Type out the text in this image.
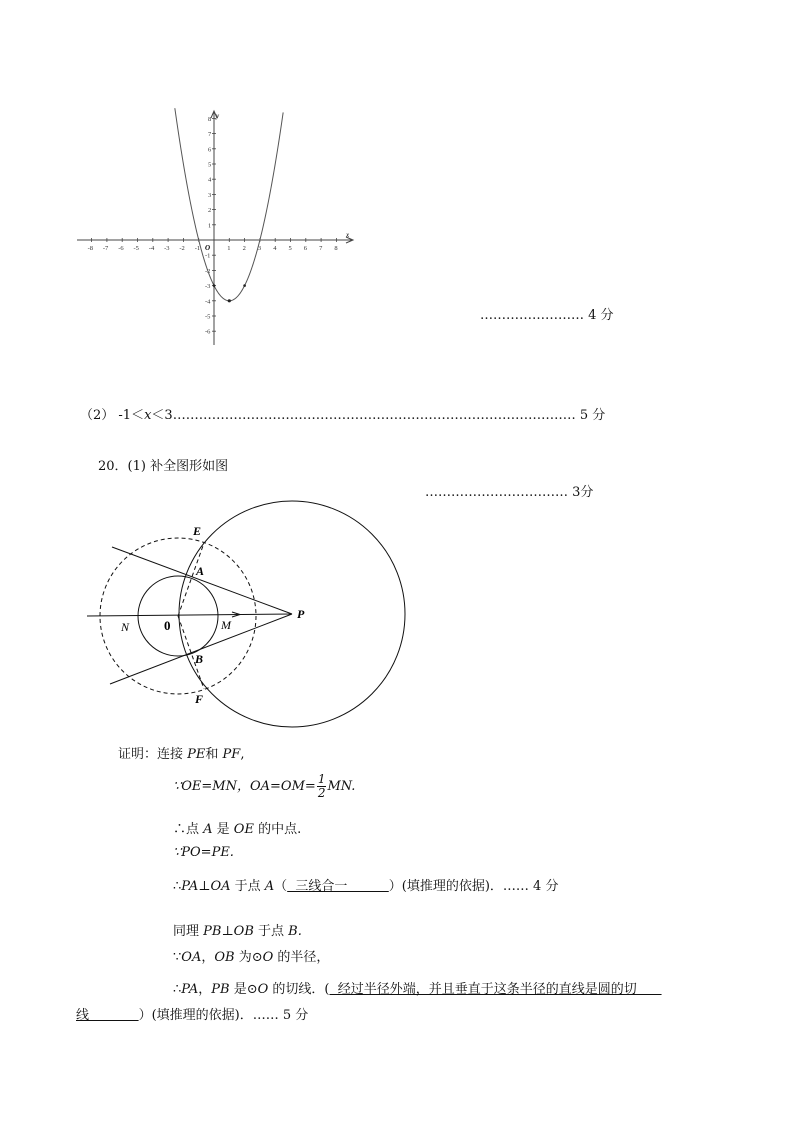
-8 -7 -6 -5 -4 -3 -2 -1	1 2 3 4 5 6 7 8
8
7
6
5
4
3
2
1
-1
-2
-3
-4
-5
-6
x
y
O
…………………… 4 分
（2） -1＜x＜3………………………………………………………………………………… 5 分
20．(1) 补全图形如图
…………………………… 3分
E
A
P
N	0	M
B
F
证明：连接 PE和 PF,
∵OE=MN，$OA=OM= \frac{1}{2}$ MN.
∴点 A 是 OE 的中点.
∵PO=PE.
∴PA⊥OA 于点 A（  三线合一          ）(填推理的依据)．…… 4 分
同理 PB⊥OB 于点 B.
∵OA，OB 为⊙O 的半径，
∴PA，PB 是⊙O 的切线．(  经过半径外端，并且垂直于这条半径的直线是圆的切
线            ）(填推理的依据)．…… 5 分
